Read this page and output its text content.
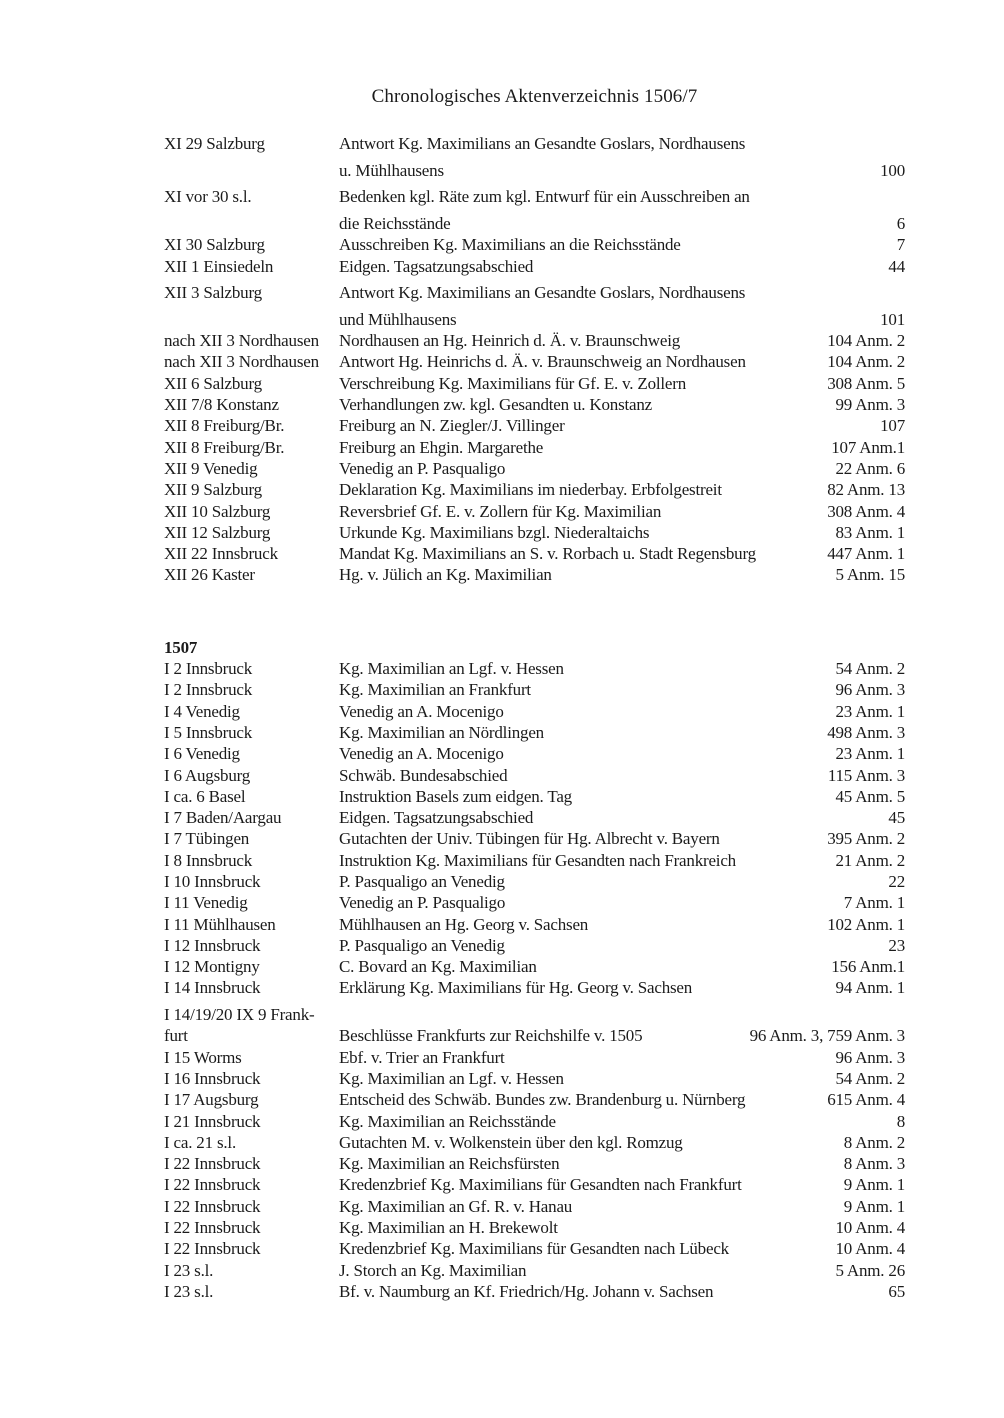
Chronologisches Aktenverzeichnis 1506/7
XI 29 Salzburg	Antwort Kg. Maximilians an Gesandte Goslars, Nordhausens
u. Mühlhausens	100
XI vor 30 s.l.	Bedenken kgl. Räte zum kgl. Entwurf für ein Ausschreiben an
die Reichsstände	6
XI 30 Salzburg	Ausschreiben Kg. Maximilians an die Reichsstände	7
XII 1 Einsiedeln	Eidgen. Tagsatzungsabschied	44
XII 3 Salzburg	Antwort Kg. Maximilians an Gesandte Goslars, Nordhausens
und Mühlhausens	101
nach XII 3 Nordhausen	Nordhausen an Hg. Heinrich d. Ä. v. Braunschweig	104 Anm. 2
nach XII 3 Nordhausen	Antwort Hg. Heinrichs d. Ä. v. Braunschweig an Nordhausen	104 Anm. 2
XII 6 Salzburg	Verschreibung Kg. Maximilians für Gf. E. v. Zollern	308 Anm. 5
XII 7/8 Konstanz	Verhandlungen zw. kgl. Gesandten u. Konstanz	99 Anm. 3
XII 8 Freiburg/Br.	Freiburg an N. Ziegler/J. Villinger	107
XII 8 Freiburg/Br.	Freiburg an Ehgin. Margarethe	107 Anm.1
XII 9 Venedig	Venedig an P. Pasqualigo	22 Anm. 6
XII 9 Salzburg	Deklaration Kg. Maximilians im niederbay. Erbfolgestreit	82 Anm. 13
XII 10 Salzburg	Reversbrief Gf. E. v. Zollern für Kg. Maximilian	308 Anm. 4
XII 12 Salzburg	Urkunde Kg. Maximilians bzgl. Niederaltaichs	83 Anm. 1
XII 22 Innsbruck	Mandat Kg. Maximilians an S. v. Rorbach u. Stadt Regensburg	447 Anm. 1
XII 26 Kaster	Hg. v. Jülich an Kg. Maximilian	5 Anm. 15
1507
I 2 Innsbruck	Kg. Maximilian an Lgf. v. Hessen	54 Anm. 2
I 2 Innsbruck	Kg. Maximilian an Frankfurt	96 Anm. 3
I 4 Venedig	Venedig an A. Mocenigo	23 Anm. 1
I 5 Innsbruck	Kg. Maximilian an Nördlingen	498 Anm. 3
I 6 Venedig	Venedig an A. Mocenigo	23 Anm. 1
I 6 Augsburg	Schwäb. Bundesabschied	115 Anm. 3
I ca. 6 Basel	Instruktion Basels zum eidgen. Tag	45 Anm. 5
I 7 Baden/Aargau	Eidgen. Tagsatzungsabschied	45
I 7 Tübingen	Gutachten der Univ. Tübingen für Hg. Albrecht v. Bayern	395 Anm. 2
I 8 Innsbruck	Instruktion Kg. Maximilians für Gesandten nach Frankreich	21 Anm. 2
I 10 Innsbruck	P. Pasqualigo an Venedig	22
I 11 Venedig	Venedig an P. Pasqualigo	7 Anm. 1
I 11 Mühlhausen	Mühlhausen an Hg. Georg v. Sachsen	102 Anm. 1
I 12 Innsbruck	P. Pasqualigo an Venedig	23
I 12 Montigny	C. Bovard an Kg. Maximilian	156 Anm.1
I 14 Innsbruck	Erklärung Kg. Maximilians für Hg. Georg v. Sachsen	94 Anm. 1
I 14/19/20 IX 9 Frank-
furt	Beschlüsse Frankfurts zur Reichshilfe v. 1505	96 Anm. 3, 759 Anm. 3
I 15 Worms	Ebf. v. Trier an Frankfurt	96 Anm. 3
I 16 Innsbruck	Kg. Maximilian an Lgf. v. Hessen	54 Anm. 2
I 17 Augsburg	Entscheid des Schwäb. Bundes zw. Brandenburg u. Nürnberg	615 Anm. 4
I 21 Innsbruck	Kg. Maximilian an Reichsstände	8
I ca. 21 s.l.	Gutachten M. v. Wolkenstein über den kgl. Romzug	8 Anm. 2
I 22 Innsbruck	Kg. Maximilian an Reichsfürsten	8 Anm. 3
I 22 Innsbruck	Kredenzbrief Kg. Maximilians für Gesandten nach Frankfurt	9 Anm. 1
I 22 Innsbruck	Kg. Maximilian an Gf. R. v. Hanau	9 Anm. 1
I 22 Innsbruck	Kg. Maximilian an H. Brekewolt	10 Anm. 4
I 22 Innsbruck	Kredenzbrief Kg. Maximilians für Gesandten nach Lübeck	10 Anm. 4
I 23 s.l.	J. Storch an Kg. Maximilian	5 Anm. 26
I 23 s.l.	Bf. v. Naumburg an Kf. Friedrich/Hg. Johann v. Sachsen	65
